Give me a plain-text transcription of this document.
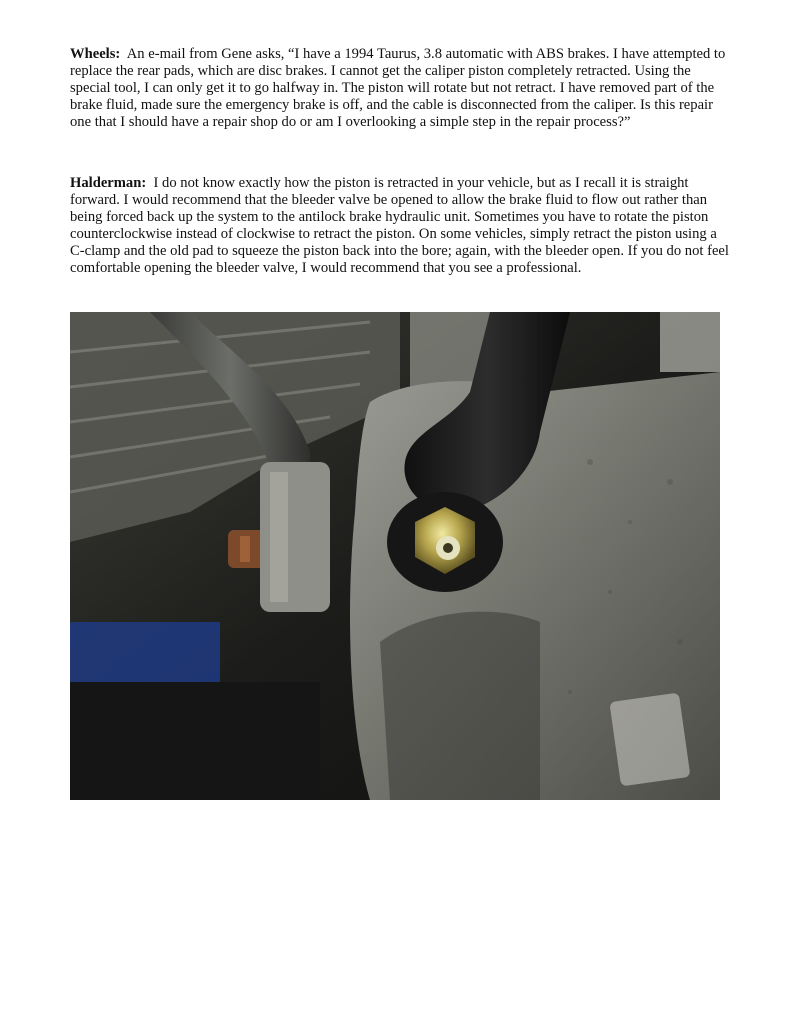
Wheels: An e-mail from Gene asks, “I have a 1994 Taurus, 3.8 automatic with ABS brakes. I have attempted to replace the rear pads, which are disc brakes. I cannot get the caliper piston completely retracted. Using the special tool, I can only get it to go halfway in. The piston will rotate but not retract. I have removed part of the brake fluid, made sure the emergency brake is off, and the cable is disconnected from the caliper. Is this repair one that I should have a repair shop do or am I overlooking a simple step in the repair process?”

Halderman: I do not know exactly how the piston is retracted in your vehicle, but as I recall it is straight forward. I would recommend that the bleeder valve be opened to allow the brake fluid to flow out rather than being forced back up the system to the antilock brake hydraulic unit. Sometimes you have to rotate the piston counterclockwise instead of clockwise to retract the piston. On some vehicles, simply retract the piston using a C-clamp and the old pad to squeeze the piston back into the bore; again, with the bleeder open. If you do not feel comfortable opening the bleeder valve, I would recommend that you see a professional.
